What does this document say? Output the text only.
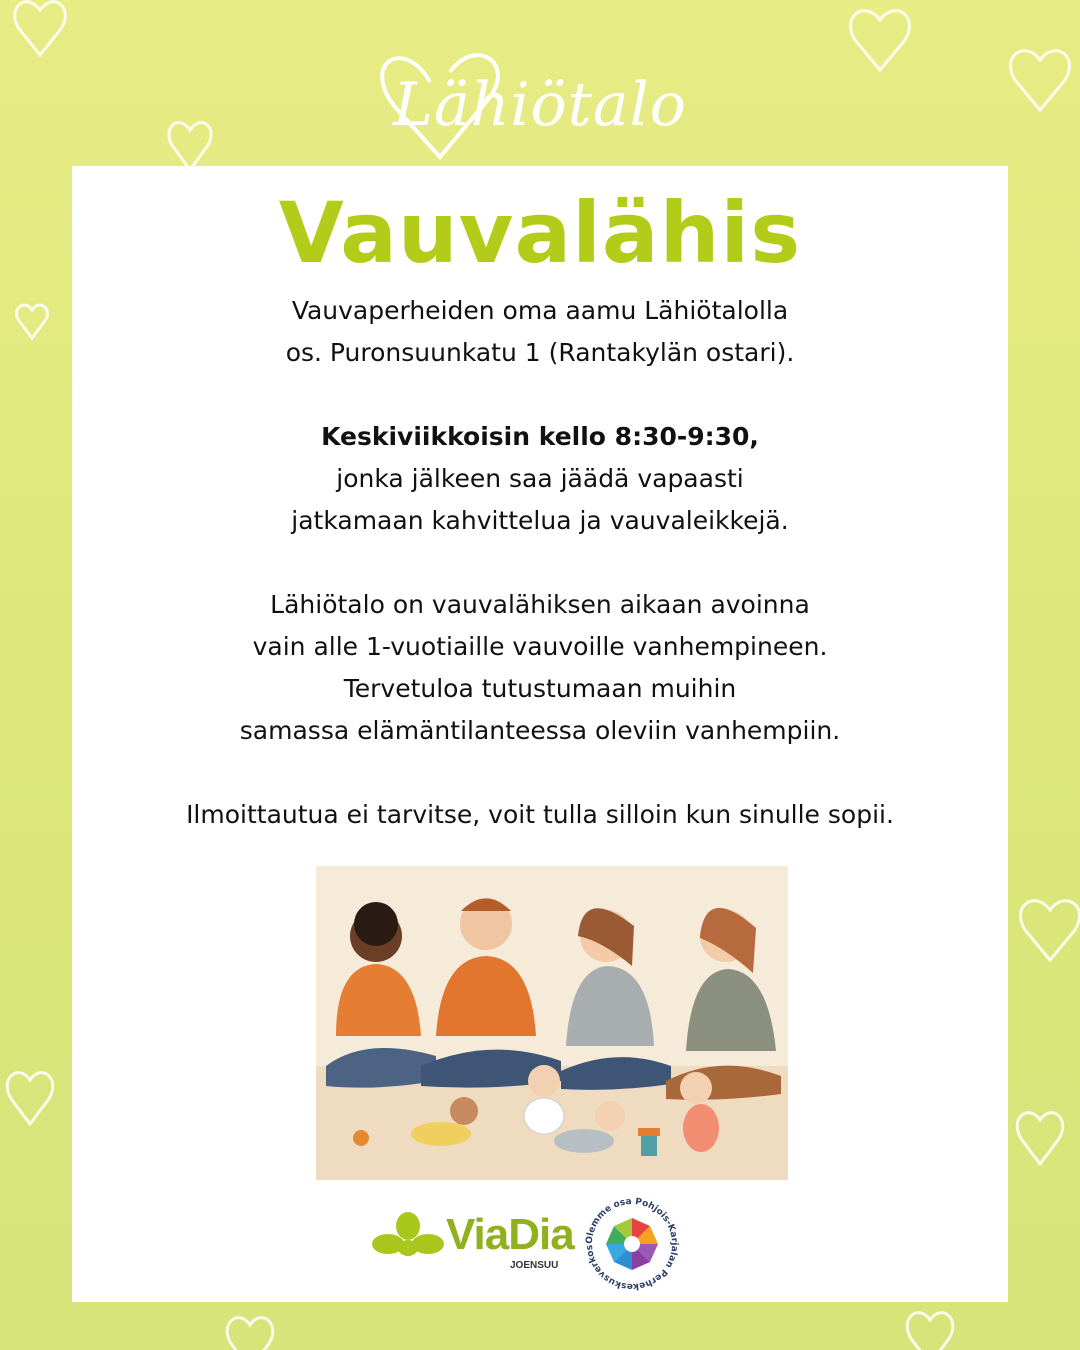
Lähiötalo
Vauvalähis

Vauvaperheiden oma aamu Lähiötalolla

os. Puronsuunkatu 1 (Rantakylän ostari).

Keskiviikkoisin kello 8:30-9:30,

jonka jälkeen saa jäädä vapaasti

jatkamaan kahvittelua ja vauvaleikkejä.

Lähiötalo on vauvalähiksen aikaan avoinna

vain alle 1-vuotiaille vauvoille vanhempineen.

Tervetuloa tutustumaan muihin

samassa elämäntilanteessa oleviin vanhempiin.

Ilmoittautua ei tarvitse, voit tulla silloin kun sinulle sopii.

ViaDia
JOENSUU
Olemme osa Pohjois-Karjalan Perhekeskusverkos
